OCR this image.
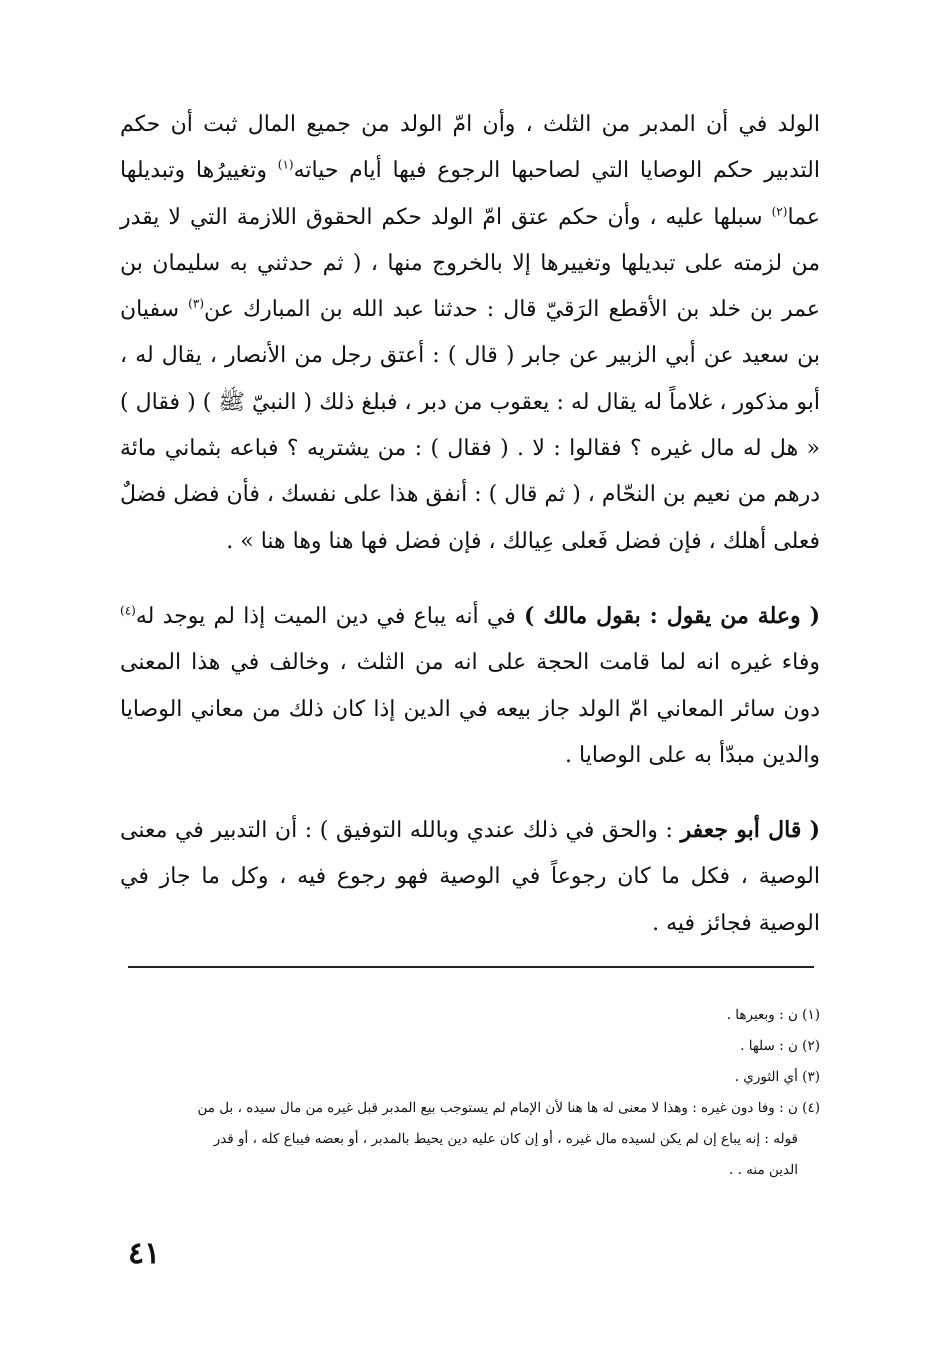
الولد في أن المدبر من الثلث ، وأن امّ الولد من جميع المال ثبت أن حكم التدبير حكم الوصايا التي لصاحبها الرجوع فيها أيام حياته$^{(١)}$ وتغييرُها وتبديلها عما$^{(٢)}$ سبلها عليه ، وأن حكم عتق امّ الولد حكم الحقوق اللازمة التي لا يقدر من لزمته على تبديلها وتغييرها إلا بالخروج منها ، ( ثم حدثني به سليمان بن عمر بن خلد بن الأقطع الرَقيّ قال : حدثنا عبد الله بن المبارك عن$^{(٣)}$ سفيان بن سعيد عن أبي الزبير عن جابر ( قال ) : أعتق رجل من الأنصار ، يقال له ، أبو مذكور ، غلاماً له يقال له : يعقوب من دبر ، فبلغ ذلك ( النبيّ ﷺ ) ( فقال ) « هل له مال غيره ؟ فقالوا : لا . ( فقال ) : من يشتريه ؟ فباعه بثماني مائة درهم من نعيم بن النحّام ، ( ثم قال ) : أنفق هذا على نفسك ، فأن فضل فضلٌ فعلى أهلك ، فإن فضل فَعلى عِيالك ، فإن فضل فها هنا وها هنا » .

( وعلة من يقول : بقول مالك ) في أنه يباع في دين الميت إذا لم يوجد له$^{(٤)}$ وفاء غيره انه لما قامت الحجة على انه من الثلث ، وخالف في هذا المعنى دون سائر المعاني امّ الولد جاز بيعه في الدين إذا كان ذلك من معاني الوصايا والدين مبدّأ به على الوصايا .

( قال أبو جعفر : والحق في ذلك عندي وبالله التوفيق ) : أن التدبير في معنى الوصية ، فكل ما كان رجوعاً في الوصية فهو رجوع فيه ، وكل ما جاز في الوصية فجائز فيه .

(١) ن : وبعيرها .

(٢) ن : سلها .

(٣) أي الثوري .

(٤) ن : وفا دون غيره : وهذا لا معنى له ها هنا لأن الإمام لم يستوجب بيع المدبر قبل غيره من مال سيده ، بل من
قوله : إنه يباع إن لم يكن لسيده مال غيره ، أو إن كان عليه دين يحيط بالمدبر ، أو بعضه فيباع كله ، أو قدر
الدين منه . .

٤١
